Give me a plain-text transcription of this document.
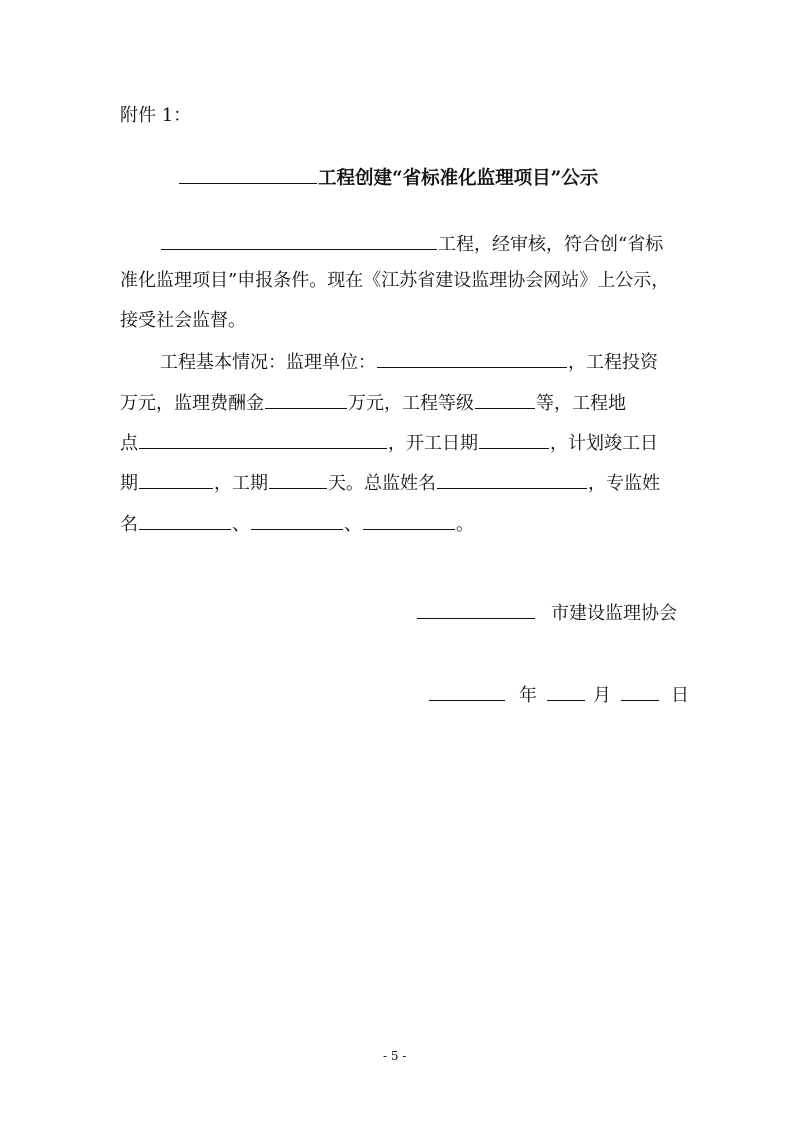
附件 1：
工程创建“省标准化监理项目”公示
工程，经审核，符合创“省标
准化监理项目”申报条件。现在《江苏省建设监理协会网站》上公示，
接受社会监督。
工程基本情况：监理单位：	，工程投资
万元，监理费酬金	万元，工程等级	等，工程地
点	，开工日期	，计划竣工日
期	，工期	天。总监姓名	，专监姓
名	、	、	。
市建设监理协会
年	月	日
- 5 -
